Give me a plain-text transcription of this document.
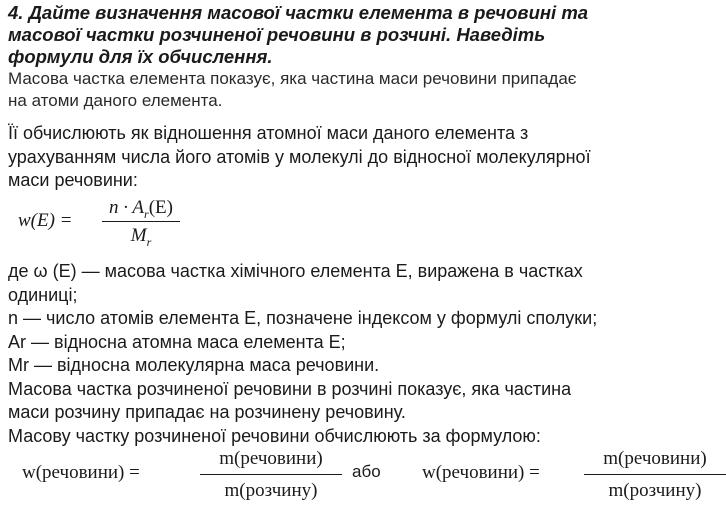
4. Дайте визначення масової частки елемента в речовині та
масової частки розчиненої речовини в розчині. Наведіть
формули для їх обчислення.
Масова частка елемента показує, яка частина маси речовини припадає
на атоми даного елемента.
Її обчислюють як відношення атомної маси даного елемента з
урахуванням числа його атомів у молекулі до відносної молекулярної
маси речовини:
w(E) =
$n \cdot A_r(E)$
$M_r$
де ω (Е) — масова частка хімічного елемента Е, виражена в частках
одиниці;
n — число атомів елемента Е, позначене індексом у формулі сполуки;
Ar — відносна атомна маса елемента Е;
Mr — відносна молекулярна маса речовини.
Масова частка розчиненої речовини в розчині показує, яка частина
маси розчину припадає на розчинену речовину.
Масову частку розчиненої речовини обчислюють за формулою:
w(речовини) =
m(речовини)
m(розчину)
або w(речовини) =
m(речовини)
m(розчину)
